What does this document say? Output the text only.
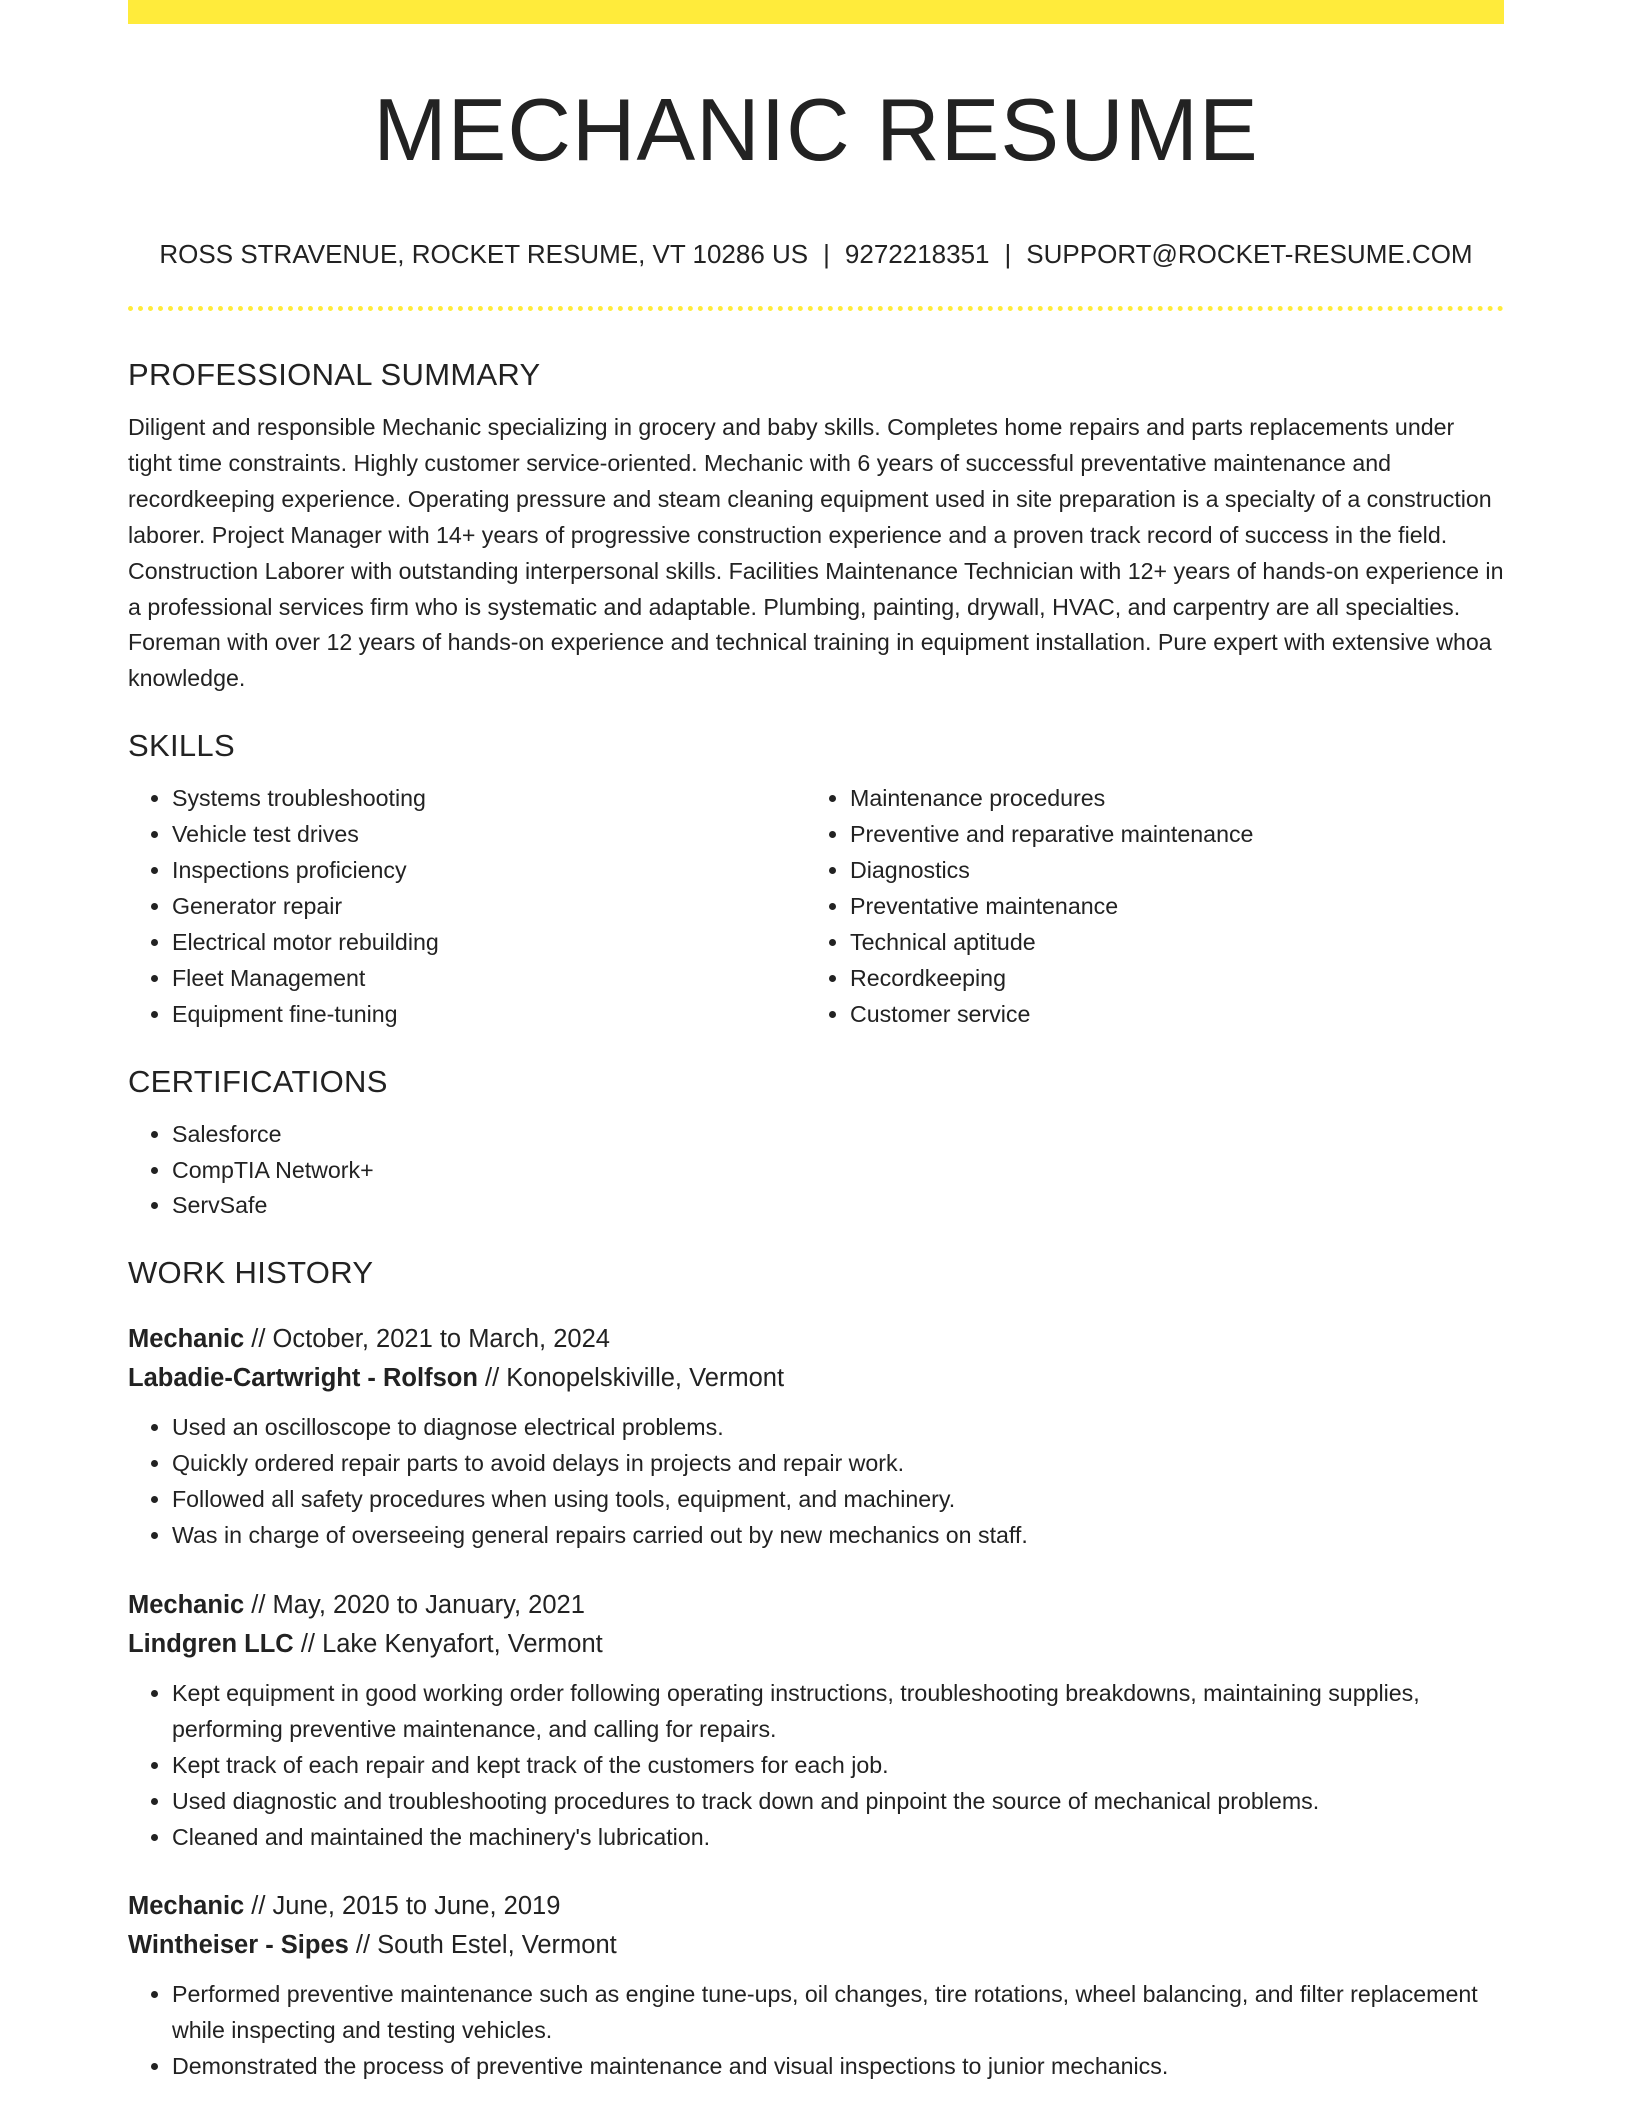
MECHANIC RESUME
ROSS STRAVENUE, ROCKET RESUME, VT 10286 US | 9272218351 | SUPPORT@ROCKET-RESUME.COM
PROFESSIONAL SUMMARY

Diligent and responsible Mechanic specializing in grocery and baby skills. Completes home repairs and parts replacements under tight time constraints. Highly customer service-oriented. Mechanic with 6 years of successful preventative maintenance and recordkeeping experience. Operating pressure and steam cleaning equipment used in site preparation is a specialty of a construction laborer. Project Manager with 14+ years of progressive construction experience and a proven track record of success in the field. Construction Laborer with outstanding interpersonal skills. Facilities Maintenance Technician with 12+ years of hands-on experience in a professional services firm who is systematic and adaptable. Plumbing, painting, drywall, HVAC, and carpentry are all specialties. Foreman with over 12 years of hands-on experience and technical training in equipment installation. Pure expert with extensive whoa knowledge.

SKILLS
• Systems troubleshooting
• Vehicle test drives
• Inspections proficiency
• Generator repair
• Electrical motor rebuilding
• Fleet Management
• Equipment fine-tuning
• Maintenance procedures
• Preventive and reparative maintenance
• Diagnostics
• Preventative maintenance
• Technical aptitude
• Recordkeeping
• Customer service
CERTIFICATIONS
• Salesforce
• CompTIA Network+
• ServSafe
WORK HISTORY
Mechanic // October, 2021 to March, 2024
Labadie-Cartwright - Rolfson // Konopelskiville, Vermont
• Used an oscilloscope to diagnose electrical problems.
• Quickly ordered repair parts to avoid delays in projects and repair work.
• Followed all safety procedures when using tools, equipment, and machinery.
• Was in charge of overseeing general repairs carried out by new mechanics on staff.
Mechanic // May, 2020 to January, 2021
Lindgren LLC // Lake Kenyafort, Vermont
• Kept equipment in good working order following operating instructions, troubleshooting breakdowns, maintaining supplies, performing preventive maintenance, and calling for repairs.
• Kept track of each repair and kept track of the customers for each job.
• Used diagnostic and troubleshooting procedures to track down and pinpoint the source of mechanical problems.
• Cleaned and maintained the machinery's lubrication.
Mechanic // June, 2015 to June, 2019
Wintheiser - Sipes // South Estel, Vermont
• Performed preventive maintenance such as engine tune-ups, oil changes, tire rotations, wheel balancing, and filter replacement while inspecting and testing vehicles.
• Demonstrated the process of preventive maintenance and visual inspections to junior mechanics.
